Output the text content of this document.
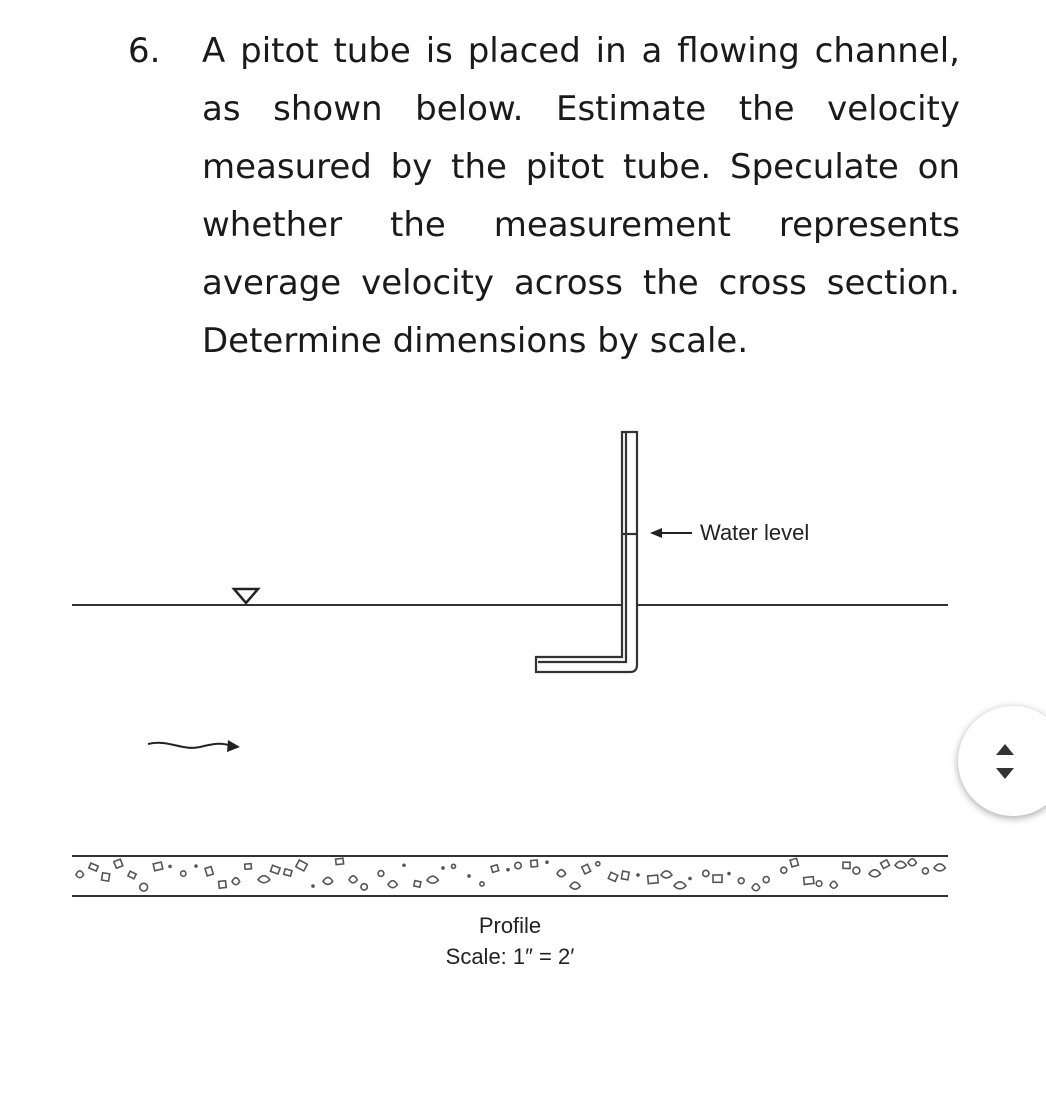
6. A pitot tube is placed in a flowing channel, as shown below. Estimate the velocity measured by the pitot tube. Speculate on whether the measurement represents average velocity across the cross section. Determine dimensions by scale.
Water level
Profile
Scale: 1″ = 2′
